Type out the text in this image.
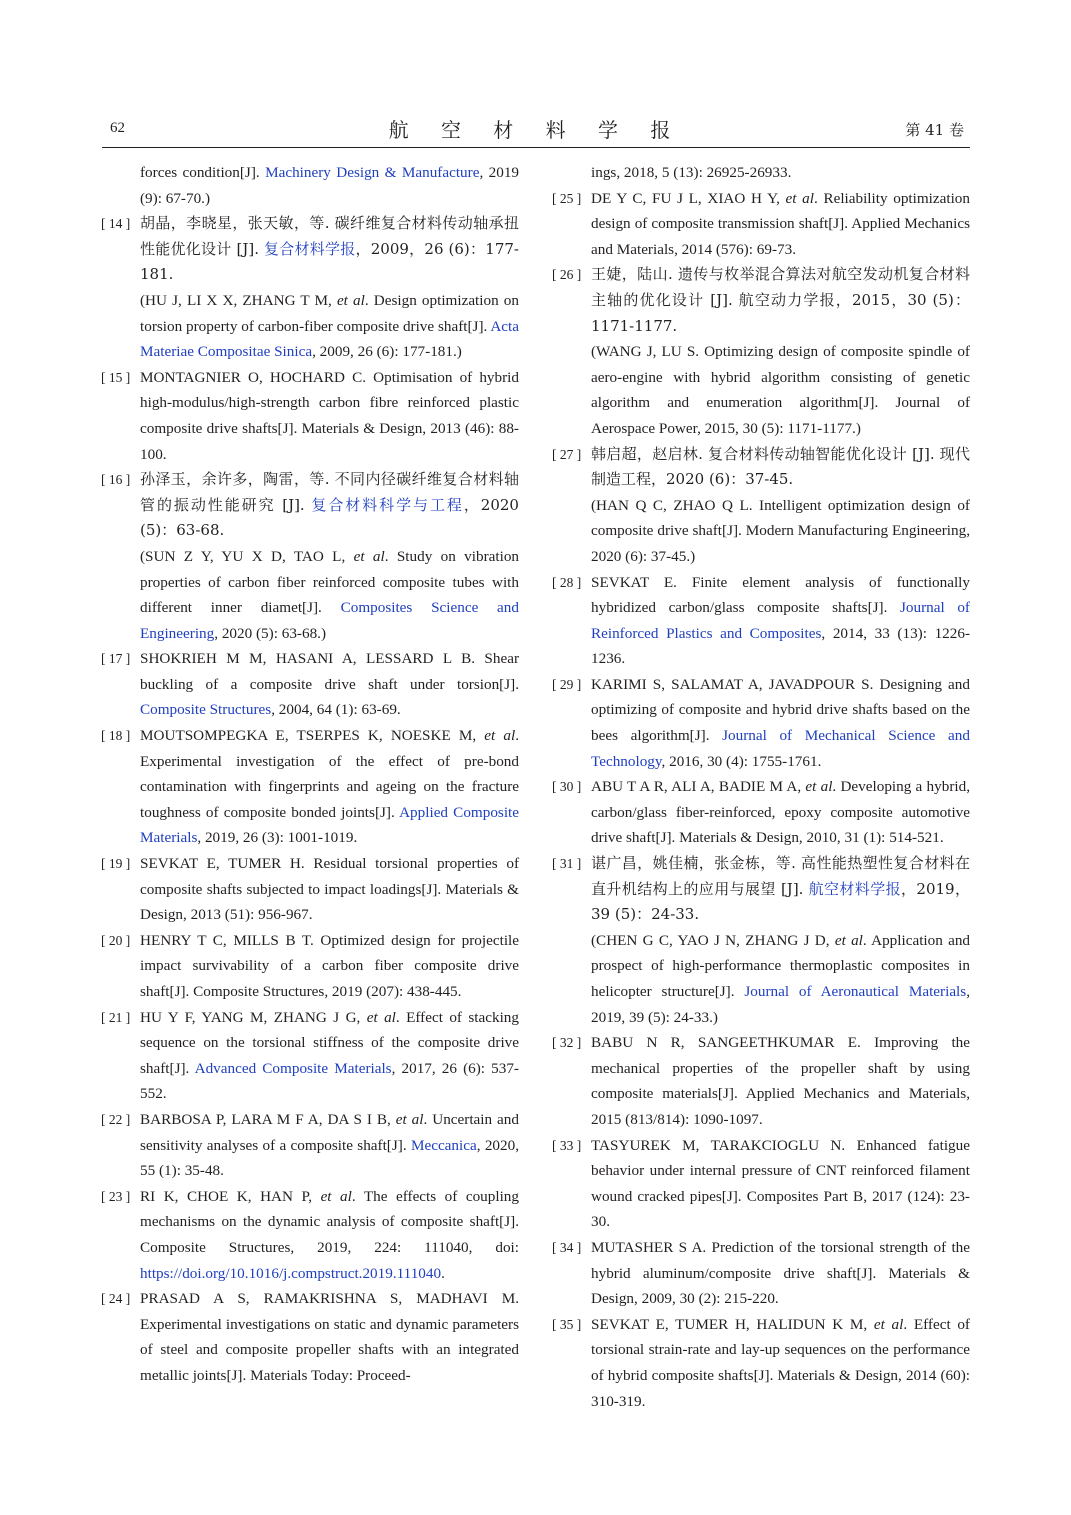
62	航 空 材 料 学 报	第 41 卷
forces condition[J]. Machinery Design & Manufacture, 2019 (9): 67-70.)
[ 14 ] 胡晶，李晓星，张天敏，等. 碳纤维复合材料传动轴承扭性能优化设计 [J]. 复合材料学报，2009，26 (6)：177-181.
(HU J, LI X X, ZHANG T M, et al. Design optimization on torsion property of carbon-fiber composite drive shaft[J]. Acta Materiae Compositae Sinica, 2009, 26 (6): 177-181.)
[ 15 ] MONTAGNIER O, HOCHARD C. Optimisation of hybrid high-modulus/high-strength carbon fibre reinforced plastic composite drive shafts[J]. Materials & Design, 2013 (46): 88-100.
[ 16 ] 孙泽玉，余许多，陶雷，等. 不同内径碳纤维复合材料轴管的振动性能研究 [J]. 复合材料科学与工程，2020 (5)：63-68.
(SUN Z Y, YU X D, TAO L, et al. Study on vibration properties of carbon fiber reinforced composite tubes with different inner diamet[J]. Composites Science and Engineering, 2020 (5): 63-68.)
[ 17 ] SHOKRIEH M M, HASANI A, LESSARD L B. Shear buckling of a composite drive shaft under torsion[J]. Composite Structures, 2004, 64 (1): 63-69.
[ 18 ] MOUTSOMPEGKA E, TSERPES K, NOESKE M, et al. Experimental investigation of the effect of pre-bond contamination with fingerprints and ageing on the fracture toughness of composite bonded joints[J]. Applied Composite Materials, 2019, 26 (3): 1001-1019.
[ 19 ] SEVKAT E, TUMER H. Residual torsional properties of composite shafts subjected to impact loadings[J]. Materials & Design, 2013 (51): 956-967.
[ 20 ] HENRY T C, MILLS B T. Optimized design for projectile impact survivability of a carbon fiber composite drive shaft[J]. Composite Structures, 2019 (207): 438-445.
[ 21 ] HU Y F, YANG M, ZHANG J G, et al. Effect of stacking sequence on the torsional stiffness of the composite drive shaft[J]. Advanced Composite Materials, 2017, 26 (6): 537-552.
[ 22 ] BARBOSA P, LARA M F A, DA S I B, et al. Uncertain and sensitivity analyses of a composite shaft[J]. Meccanica, 2020, 55 (1): 35-48.
[ 23 ] RI K, CHOE K, HAN P, et al. The effects of coupling mechanisms on the dynamic analysis of composite shaft[J]. Composite Structures, 2019, 224: 111040, doi: https://doi.org/10.1016/j.compstruct.2019.111040.
[ 24 ] PRASAD A S, RAMAKRISHNA S, MADHAVI M. Experimental investigations on static and dynamic parameters of steel and composite propeller shafts with an integrated metallic joints[J]. Materials Today: Proceed-
ings, 2018, 5 (13): 26925-26933.
[ 25 ] DE Y C, FU J L, XIAO H Y, et al. Reliability optimization design of composite transmission shaft[J]. Applied Mechanics and Materials, 2014 (576): 69-73.
[ 26 ] 王婕，陆山. 遗传与枚举混合算法对航空发动机复合材料主轴的优化设计 [J]. 航空动力学报，2015，30 (5)：1171-1177.
(WANG J, LU S. Optimizing design of composite spindle of aero-engine with hybrid algorithm consisting of genetic algorithm and enumeration algorithm[J]. Journal of Aerospace Power, 2015, 30 (5): 1171-1177.)
[ 27 ] 韩启超，赵启林. 复合材料传动轴智能优化设计 [J]. 现代制造工程，2020 (6)：37-45.
(HAN Q C, ZHAO Q L. Intelligent optimization design of composite drive shaft[J]. Modern Manufacturing Engineering, 2020 (6): 37-45.)
[ 28 ] SEVKAT E. Finite element analysis of functionally hybridized carbon/glass composite shafts[J]. Journal of Reinforced Plastics and Composites, 2014, 33 (13): 1226-1236.
[ 29 ] KARIMI S, SALAMAT A, JAVADPOUR S. Designing and optimizing of composite and hybrid drive shafts based on the bees algorithm[J]. Journal of Mechanical Science and Technology, 2016, 30 (4): 1755-1761.
[ 30 ] ABU T A R, ALI A, BADIE M A, et al. Developing a hybrid, carbon/glass fiber-reinforced, epoxy composite automotive drive shaft[J]. Materials & Design, 2010, 31 (1): 514-521.
[ 31 ] 谌广昌，姚佳楠，张金栋，等. 高性能热塑性复合材料在直升机结构上的应用与展望 [J]. 航空材料学报，2019，39 (5)：24-33.
(CHEN G C, YAO J N, ZHANG J D, et al. Application and prospect of high-performance thermoplastic composites in helicopter structure[J]. Journal of Aeronautical Materials, 2019, 39 (5): 24-33.)
[ 32 ] BABU N R, SANGEETHKUMAR E. Improving the mechanical properties of the propeller shaft by using composite materials[J]. Applied Mechanics and Materials, 2015 (813/814): 1090-1097.
[ 33 ] TASYUREK M, TARAKCIOGLU N. Enhanced fatigue behavior under internal pressure of CNT reinforced filament wound cracked pipes[J]. Composites Part B, 2017 (124): 23-30.
[ 34 ] MUTASHER S A. Prediction of the torsional strength of the hybrid aluminum/composite drive shaft[J]. Materials & Design, 2009, 30 (2): 215-220.
[ 35 ] SEVKAT E, TUMER H, HALIDUN K M, et al. Effect of torsional strain-rate and lay-up sequences on the performance of hybrid composite shafts[J]. Materials & Design, 2014 (60): 310-319.
